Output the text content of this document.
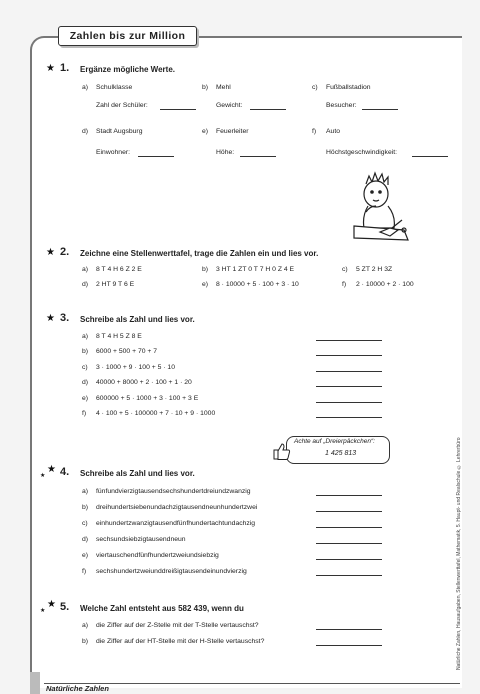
Zahlen bis zur Million
Natürliche Zahlen, Hausaufgaben, Stellenwerttafel, Mathematik, 5. Haupt- und Realschule © Lehrerbüro
★ 1. Ergänze mögliche Werte.
a) Schulklasse
Zahl der Schüler:
b) Mehl
Gewicht:
c) Fußballstadion
Besucher:
d) Stadt Augsburg
Einwohner:
e) Feuerleiter
Höhe:
f) Auto
Höchstgeschwindigkeit:
★ 2. Zeichne eine Stellenwerttafel, trage die Zahlen ein und lies vor.
a) 8 T 4 H 6 Z 2 E	b) 3 HT 1 ZT 0 T 7 H 0 Z 4 E	c) 5 ZT 2 H 3Z
d) 2 HT 9 T 6 E	e) 8 · 10000 + 5 · 100 + 3 · 10	f) 2 · 10000 + 2 · 100
★ 3. Schreibe als Zahl und lies vor.
a) 8 T 4 H 5 Z 8 E
b) 6000 + 500 + 70 + 7
c) 3 · 1000 + 9 · 100 + 5 · 10
d) 40000 + 8000 + 2 · 100 + 1 · 20
e) 600000 + 5 · 1000 + 3 · 100 + 3 E
f) 4 · 100 + 5 · 100000 + 7 · 10 + 9 · 1000
Achte auf „Dreierpäckchen“:
1 425 813
★
★ 4. Schreibe als Zahl und lies vor.
a) fünfundvierzigtausendsechshundertdreiundzwanzig
b) dreihundertsiebenundachzigtausendneunhundertzwei
c) einhundertzwanzigtausendfünfhundertachtundachzig
d) sechsundsiebzigtausendneun
e) viertauschendfünfhundertzweiundsiebzig
f) sechshundertzweiunddreißigtausendeinundvierzig
★
★ 5. Welche Zahl entsteht aus 582 439, wenn du
a) die Ziffer auf der Z-Stelle mit der T-Stelle vertauschst?
b) die Ziffer auf der HT-Stelle mit der H-Stelle vertauschst?
Natürliche Zahlen
